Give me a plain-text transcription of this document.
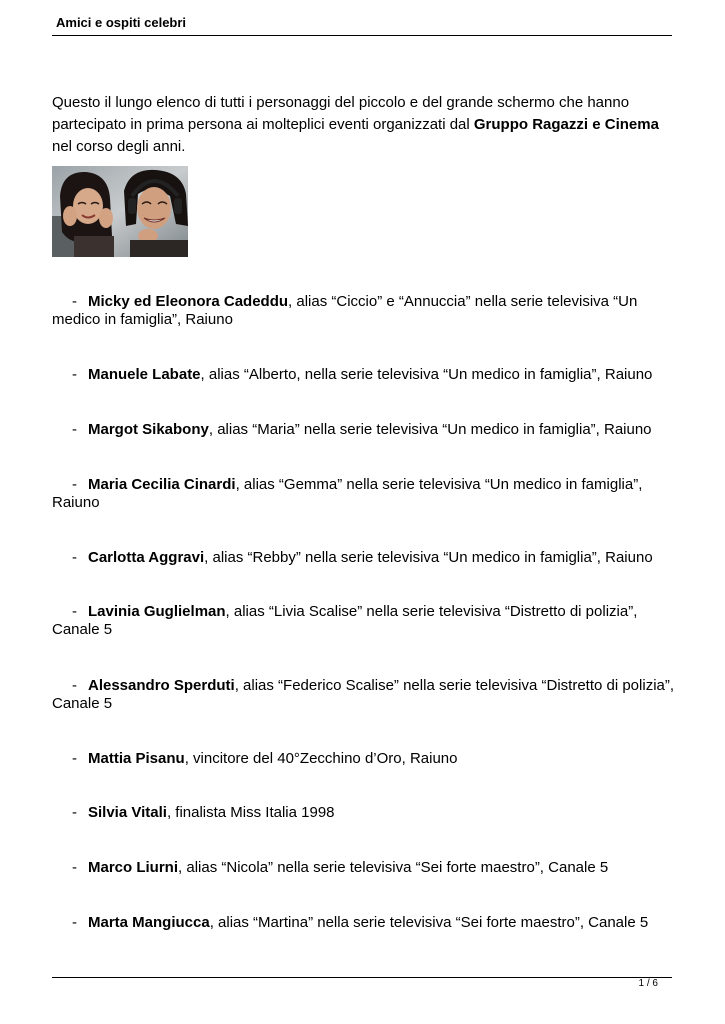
Amici e ospiti celebri
Questo il lungo elenco di tutti i personaggi del piccolo e del grande schermo che hanno partecipato in prima persona ai molteplici eventi organizzati dal Gruppo Ragazzi e Cinema nel corso degli anni.
- Micky ed Eleonora Cadeddu, alias “Ciccio” e “Annuccia” nella serie televisiva “Un medico in famiglia”, Raiuno
- Manuele Labate, alias “Alberto, nella serie televisiva “Un medico in famiglia”, Raiuno
- Margot Sikabony, alias “Maria” nella serie televisiva “Un medico in famiglia”, Raiuno
- Maria Cecilia Cinardi, alias “Gemma” nella serie televisiva “Un medico in famiglia”, Raiuno
- Carlotta Aggravi, alias “Rebby” nella serie televisiva “Un medico in famiglia”, Raiuno
- Lavinia Guglielman, alias “Livia Scalise” nella serie televisiva “Distretto di polizia”, Canale 5
- Alessandro Sperduti, alias “Federico Scalise” nella serie televisiva “Distretto di polizia”, Canale 5
- Mattia Pisanu, vincitore del 40°Zecchino d’Oro, Raiuno
- Silvia Vitali, finalista Miss Italia 1998
- Marco Liurni, alias “Nicola” nella serie televisiva “Sei forte maestro”, Canale 5
- Marta Mangiucca, alias “Martina” nella serie televisiva “Sei forte maestro”, Canale 5
1 / 6
